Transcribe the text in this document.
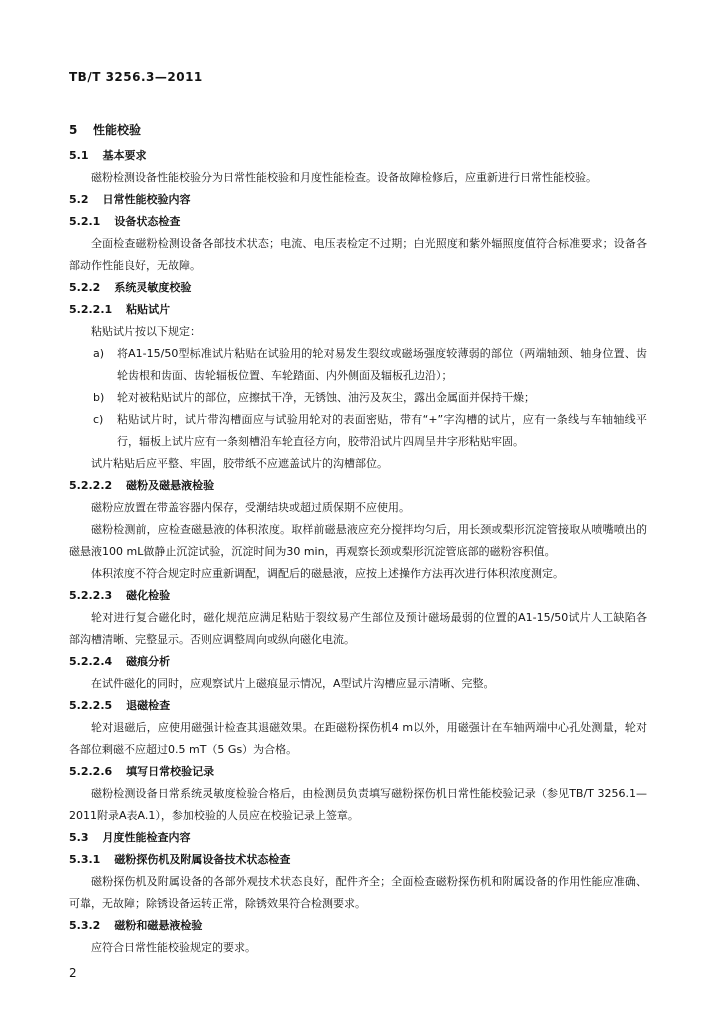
TB/T 3256.3—2011
5 性能校验
5.1 基本要求
磁粉检测设备性能校验分为日常性能校验和月度性能检查。设备故障检修后，应重新进行日常性能校验。
5.2 日常性能校验内容
5.2.1 设备状态检查
全面检查磁粉检测设备各部技术状态；电流、电压表检定不过期；白光照度和紫外辐照度值符合标准要求；设备各部动作性能良好，无故障。
5.2.2 系统灵敏度校验
5.2.2.1 粘贴试片
粘贴试片按以下规定：
a) 将A1-15/50型标准试片粘贴在试验用的轮对易发生裂纹或磁场强度较薄弱的部位（两端轴颈、轴身位置、齿轮齿根和齿面、齿轮辐板位置、车轮踏面、内外侧面及辐板孔边沿）；
b) 轮对被粘贴试片的部位，应擦拭干净，无锈蚀、油污及灰尘，露出金属面并保持干燥；
c) 粘贴试片时，试片带沟槽面应与试验用轮对的表面密贴，带有“+”字沟槽的试片，应有一条线与车轴轴线平行，辐板上试片应有一条刻槽沿车轮直径方向，胶带沿试片四周呈井字形粘贴牢固。
试片粘贴后应平整、牢固，胶带纸不应遮盖试片的沟槽部位。
5.2.2.2 磁粉及磁悬液检验
磁粉应放置在带盖容器内保存，受潮结块或超过质保期不应使用。
磁粉检测前，应检查磁悬液的体积浓度。取样前磁悬液应充分搅拌均匀后，用长颈或梨形沉淀管接取从喷嘴喷出的磁悬液100 mL做静止沉淀试验，沉淀时间为30 min，再观察长颈或梨形沉淀管底部的磁粉容积值。
体积浓度不符合规定时应重新调配，调配后的磁悬液，应按上述操作方法再次进行体积浓度测定。
5.2.2.3 磁化检验
轮对进行复合磁化时，磁化规范应满足粘贴于裂纹易产生部位及预计磁场最弱的位置的A1-15/50试片人工缺陷各部沟槽清晰、完整显示。否则应调整周向或纵向磁化电流。
5.2.2.4 磁痕分析
在试件磁化的同时，应观察试片上磁痕显示情况，A型试片沟槽应显示清晰、完整。
5.2.2.5 退磁检查
轮对退磁后，应使用磁强计检查其退磁效果。在距磁粉探伤机4 m以外，用磁强计在车轴两端中心孔处测量，轮对各部位剩磁不应超过0.5 mT（5 Gs）为合格。
5.2.2.6 填写日常校验记录
磁粉检测设备日常系统灵敏度检验合格后，由检测员负责填写磁粉探伤机日常性能校验记录（参见TB/T 3256.1—2011附录A表A.1），参加校验的人员应在校验记录上签章。
5.3 月度性能检查内容
5.3.1 磁粉探伤机及附属设备技术状态检查
磁粉探伤机及附属设备的各部外观技术状态良好，配件齐全；全面检查磁粉探伤机和附属设备的作用性能应准确、可靠，无故障；除锈设备运转正常，除锈效果符合检测要求。
5.3.2 磁粉和磁悬液检验
应符合日常性能校验规定的要求。
2
